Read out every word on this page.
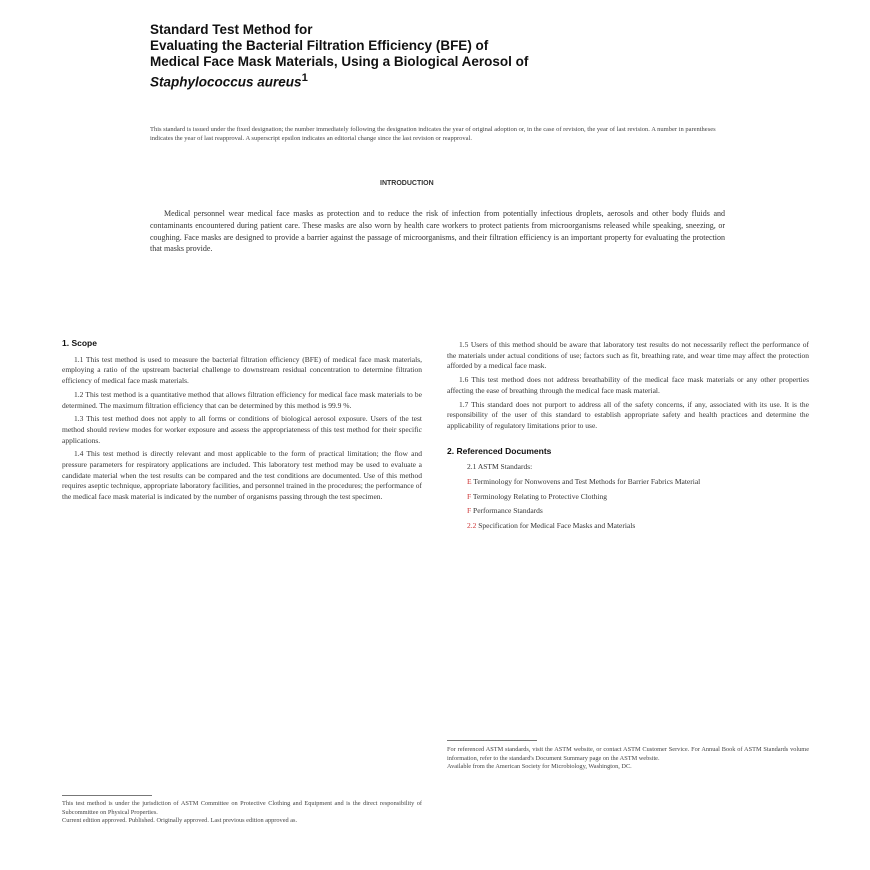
Standard Test Method for
Evaluating the Bacterial Filtration Efficiency (BFE) of
Medical Face Mask Materials, Using a Biological Aerosol of
Staphylococcus aureus$^1$
This standard is issued under the fixed designation; the number immediately following the designation indicates the year of original adoption or, in the case of revision, the year of last revision. A number in parentheses indicates the year of last reapproval. A superscript epsilon indicates an editorial change since the last revision or reapproval.
INTRODUCTION
Medical personnel wear medical face masks as protection and to reduce the risk of infection from potentially infectious droplets, aerosols and other body fluids and contaminants encountered during patient care. These masks are also worn by health care workers to protect patients from microorganisms released while speaking, sneezing, or coughing. Face masks are designed to provide a barrier against the passage of microorganisms, and their filtration efficiency is an important property for evaluating the protection that masks provide.
1. Scope
1.1 This test method is used to measure the bacterial filtration efficiency (BFE) of medical face mask materials, employing a ratio of the upstream bacterial challenge to downstream residual concentration to determine filtration efficiency of medical face mask materials.
1.2 This test method is a quantitative method that allows filtration efficiency for medical face mask materials to be determined. The maximum filtration efficiency that can be determined by this method is 99.9 %.
1.3 This test method does not apply to all forms or conditions of biological aerosol exposure. Users of the test method should review modes for worker exposure and assess the appropriateness of this test method for their specific applications.
1.4 This test method is directly relevant and most applicable to the form of practical limitation; the flow and pressure parameters for respiratory applications are included. This laboratory test method may be used to evaluate a candidate material when the test results can be compared and the test conditions are documented. Use of this method requires aseptic technique, appropriate laboratory facilities, and personnel trained in the procedures; the performance of the medical face mask material is indicated by the number of organisms passing through the test specimen.
1.5 Users of this method should be aware that laboratory test results do not necessarily reflect the performance of the materials under actual conditions of use; factors such as fit, breathing rate, and wear time may affect the protection afforded by a medical face mask.
1.6 This test method does not address breathability of the medical face mask materials or any other properties affecting the ease of breathing through the medical face mask material.
1.7 This standard does not purport to address all of the safety concerns, if any, associated with its use. It is the responsibility of the user of this standard to establish appropriate safety and health practices and determine the applicability of regulatory limitations prior to use.
2. Referenced Documents
2.1 ASTM Standards:
E Terminology for Nonwovens and Test Methods for Barrier Fabrics Material
F Terminology Relating to Protective Clothing
F Performance Standards
2.2 Specification for Medical Face Masks and Materials
This test method is under the jurisdiction of ASTM Committee on Protective Clothing and Equipment and is the direct responsibility of Subcommittee on Physical Properties.
Current edition approved. Published. Originally approved. Last previous edition approved as.
For referenced ASTM standards, visit the ASTM website, or contact ASTM Customer Service. For Annual Book of ASTM Standards volume information, refer to the standard's Document Summary page on the ASTM website.
Available from the American Society for Microbiology, Washington, DC.
